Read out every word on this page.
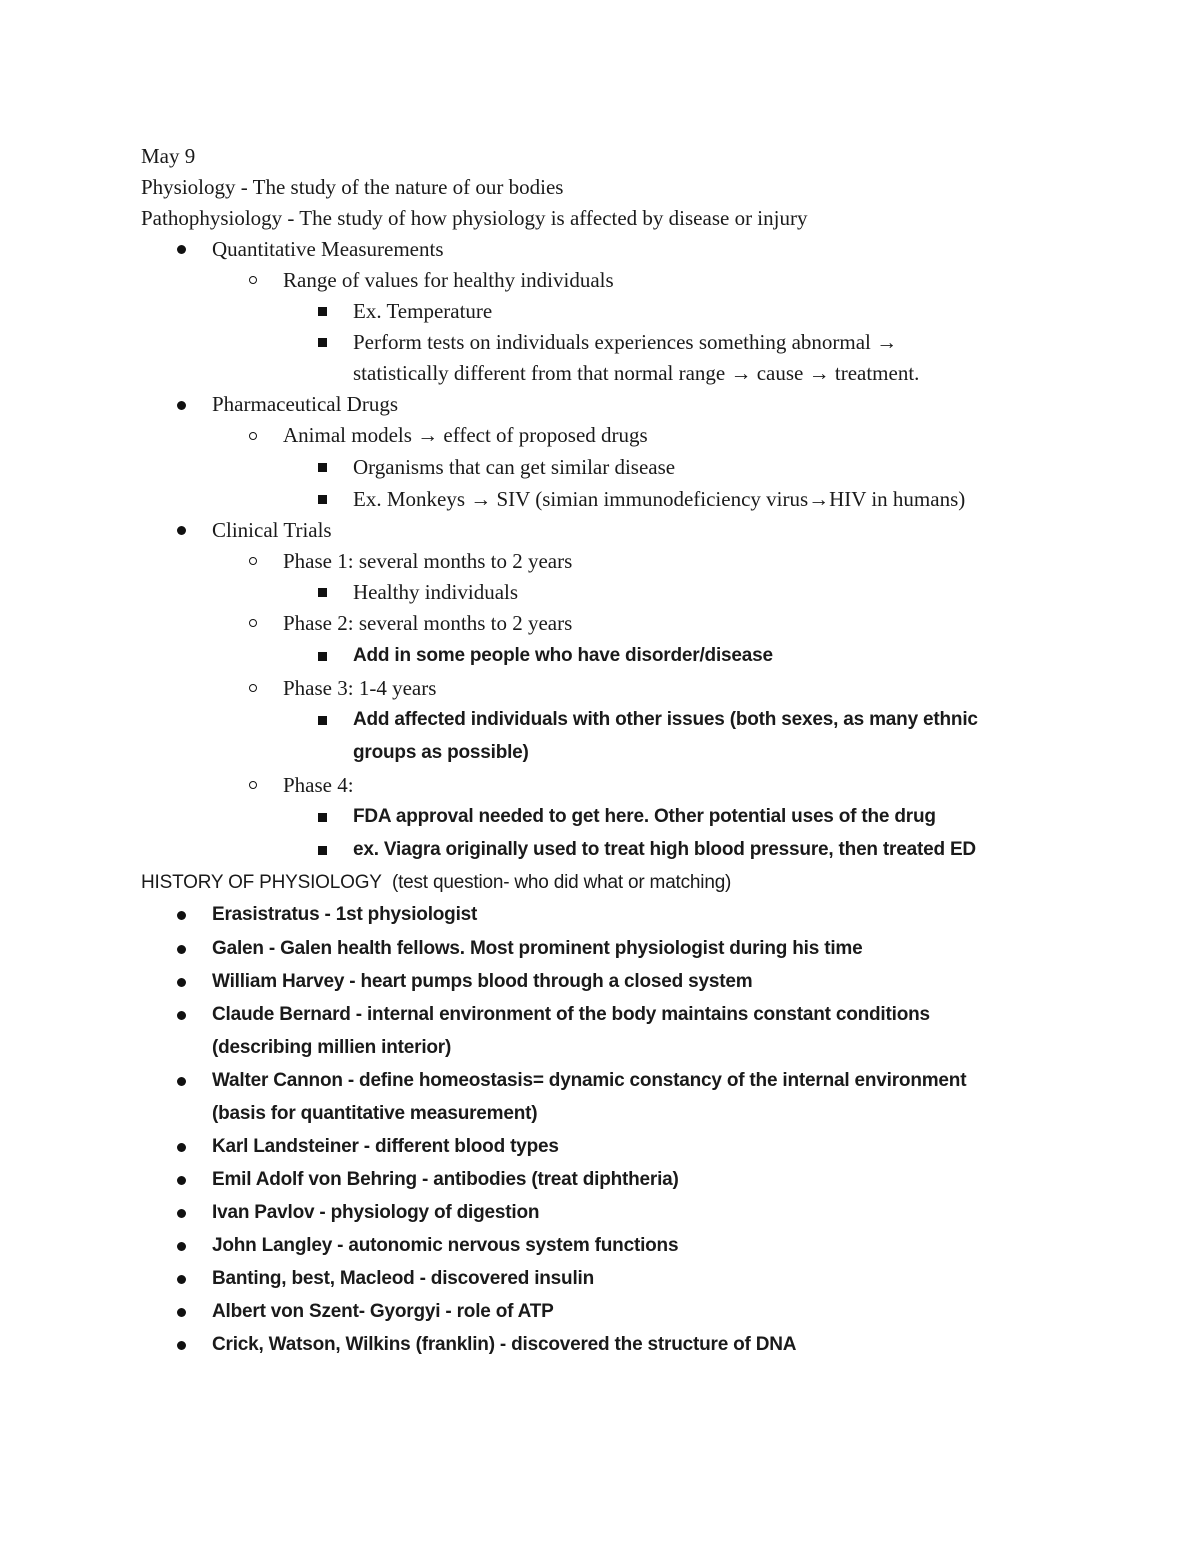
May 9
Physiology - The study of the nature of our bodies
Pathophysiology - The study of how physiology is affected by disease or injury
Quantitative Measurements
Range of values for healthy individuals
Ex. Temperature
Perform tests on individuals experiences something abnormal →
statistically different from that normal range → cause → treatment.
Pharmaceutical Drugs
Animal models → effect of proposed drugs
Organisms that can get similar disease
Ex. Monkeys → SIV (simian immunodeficiency virus→HIV in humans)
Clinical Trials
Phase 1: several months to 2 years
Healthy individuals
Phase 2: several months to 2 years
Add in some people who have disorder/disease
Phase 3: 1-4 years
Add affected individuals with other issues (both sexes, as many ethnic
groups as possible)
Phase 4:
FDA approval needed to get here. Other potential uses of the drug
ex. Viagra originally used to treat high blood pressure, then treated ED
HISTORY OF PHYSIOLOGY (test question- who did what or matching)
Erasistratus - 1st physiologist
Galen - Galen health fellows. Most prominent physiologist during his time
William Harvey - heart pumps blood through a closed system
Claude Bernard - internal environment of the body maintains constant conditions
(describing millien interior)
Walter Cannon - define homeostasis= dynamic constancy of the internal environment
(basis for quantitative measurement)
Karl Landsteiner - different blood types
Emil Adolf von Behring - antibodies (treat diphtheria)
Ivan Pavlov - physiology of digestion
John Langley - autonomic nervous system functions
Banting, best, Macleod - discovered insulin
Albert von Szent- Gyorgyi - role of ATP
Crick, Watson, Wilkins (franklin) - discovered the structure of DNA
